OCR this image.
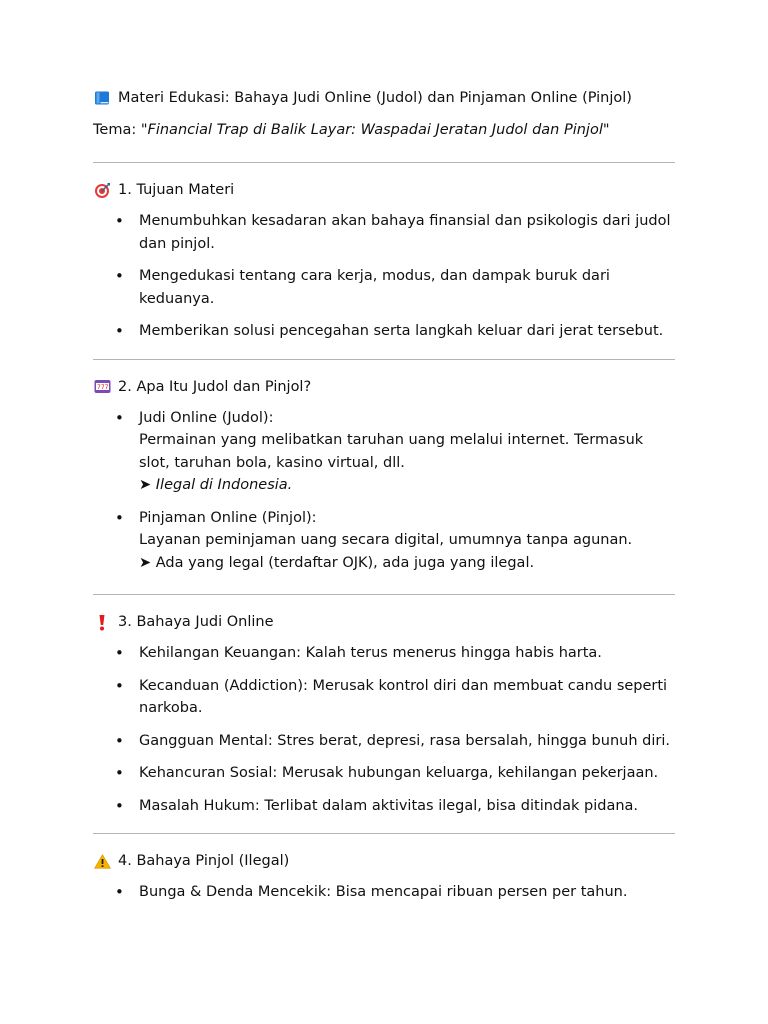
Materi Edukasi: Bahaya Judi Online (Judol) dan Pinjaman Online (Pinjol)
Tema: "Financial Trap di Balik Layar: Waspadai Jeratan Judol dan Pinjol"
1. Tujuan Materi
• Menumbuhkan kesadaran akan bahaya finansial dan psikologis dari judol dan pinjol.
• Mengedukasi tentang cara kerja, modus, dan dampak buruk dari keduanya.
• Memberikan solusi pencegahan serta langkah keluar dari jerat tersebut.
777 2. Apa Itu Judol dan Pinjol?
• Judi Online (Judol):
Permainan yang melibatkan taruhan uang melalui internet. Termasuk slot, taruhan bola, kasino virtual, dll.
➤ Ilegal di Indonesia.
• Pinjaman Online (Pinjol):
Layanan peminjaman uang secara digital, umumnya tanpa agunan.
➤ Ada yang legal (terdaftar OJK), ada juga yang ilegal.
3. Bahaya Judi Online
• Kehilangan Keuangan: Kalah terus menerus hingga habis harta.
• Kecanduan (Addiction): Merusak kontrol diri dan membuat candu seperti narkoba.
• Gangguan Mental: Stres berat, depresi, rasa bersalah, hingga bunuh diri.
• Kehancuran Sosial: Merusak hubungan keluarga, kehilangan pekerjaan.
• Masalah Hukum: Terlibat dalam aktivitas ilegal, bisa ditindak pidana.
4. Bahaya Pinjol (Ilegal)
• Bunga & Denda Mencekik: Bisa mencapai ribuan persen per tahun.
